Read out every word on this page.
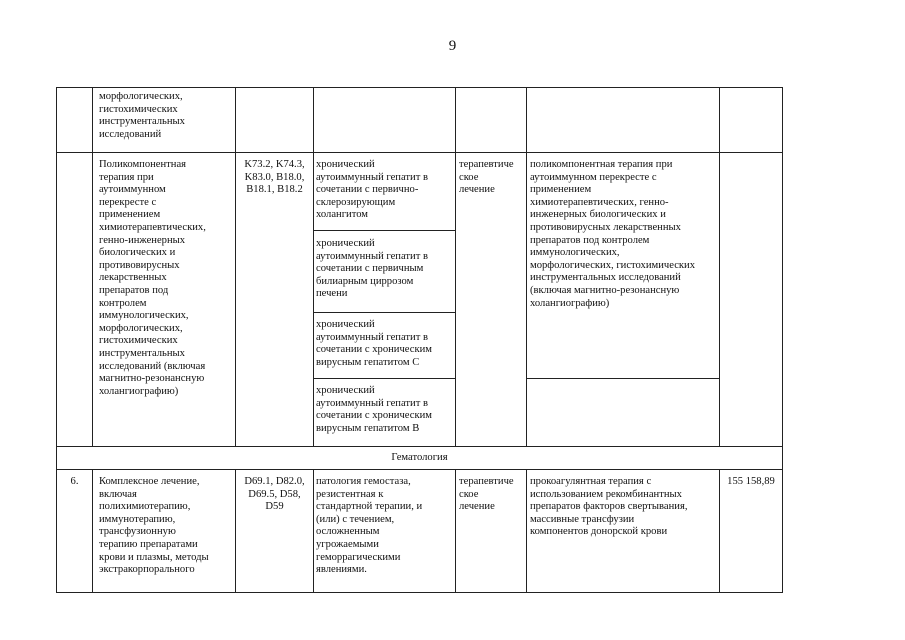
9
морфологических,
гистохимических
инструментальных
исследований
Поликомпонентная
терапия при
аутоиммунном
перекресте с
применением
химиотерапевтических,
генно-инженерных
биологических и
противовирусных
лекарственных
препаратов под
контролем
иммунологических,
морфологических,
гистохимических
инструментальных
исследований (включая
магнитно-резонансную
холангиографию)
K73.2, K74.3,
K83.0, B18.0,
B18.1, B18.2
хронический
аутоиммунный гепатит в
сочетании с первично-
склерозирующим
холангитом
хронический
аутоиммунный гепатит в
сочетании с первичным
билиарным циррозом
печени
хронический
аутоиммунный гепатит в
сочетании с хроническим
вирусным гепатитом C
хронический
аутоиммунный гепатит в
сочетании с хроническим
вирусным гепатитом B
терапевтиче
ское
лечение
поликомпонентная терапия при
аутоиммунном перекресте с
применением
химиотерапевтических, генно-
инженерных биологических и
противовирусных лекарственных
препаратов под контролем
иммунологических,
морфологических, гистохимических
инструментальных исследований
(включая магнитно-резонансную
холангиографию)
Гематология
6.	Комплексное лечение,
включая
полихимиотерапию,
иммунотерапию,
трансфузионную
терапию препаратами
крови и плазмы, методы
экстракорпорального
D69.1, D82.0,
D69.5, D58,
D59
патология гемостаза,
резистентная к
стандартной терапии, и
(или) с течением,
осложненным
угрожаемыми
геморрагическими
явлениями.
терапевтиче
ское
лечение
прокоагулянтная терапия с
использованием рекомбинантных
препаратов факторов свертывания,
массивные трансфузии
компонентов донорской крови
155 158,89
